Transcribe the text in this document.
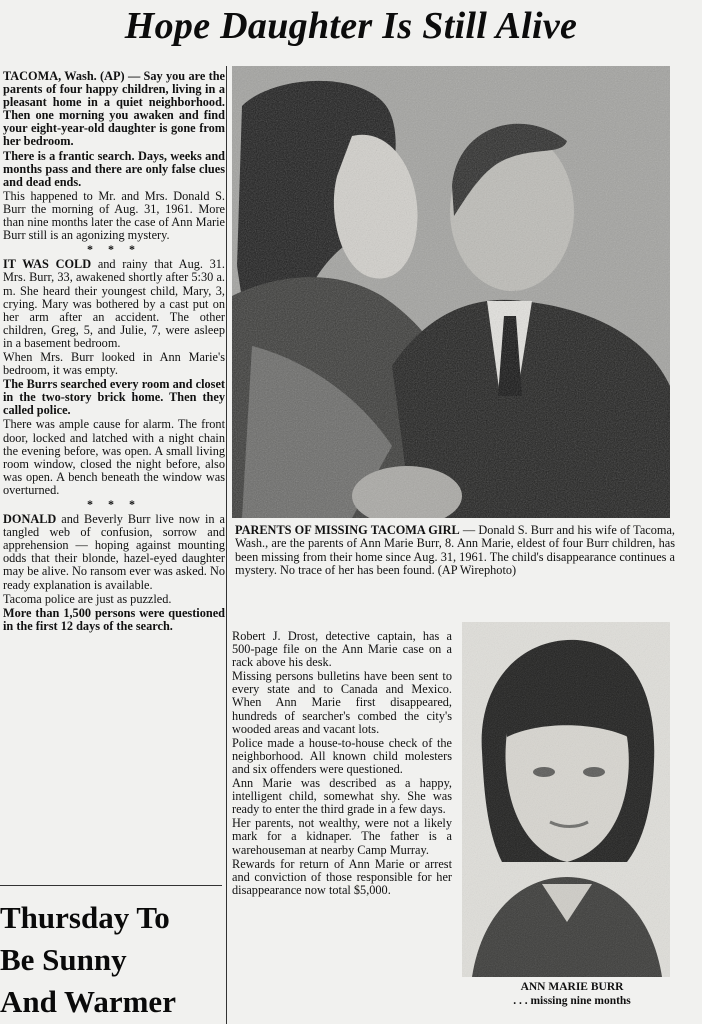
Hope Daughter Is Still Alive

TACOMA, Wash. (AP) — Say you are the parents of four happy children, living in a pleasant home in a quiet neighborhood. Then one morning you awaken and find your eight-year-old daughter is gone from her bedroom.

There is a frantic search. Days, weeks and months pass and there are only false clues and dead ends.

This happened to Mr. and Mrs. Donald S. Burr the morning of Aug. 31, 1961. More than nine months later the case of Ann Marie Burr still is an agonizing mystery.

* * *

IT WAS COLD and rainy that Aug. 31. Mrs. Burr, 33, awakened shortly after 5:30 a. m. She heard their youngest child, Mary, 3, crying. Mary was bothered by a cast put on her arm after an accident. The other children, Greg, 5, and Julie, 7, were asleep in a basement bedroom.

When Mrs. Burr looked in Ann Marie's bedroom, it was empty.

The Burrs searched every room and closet in the two-story brick home. Then they called police.

There was ample cause for alarm. The front door, locked and latched with a night chain the evening before, was open. A small living room window, closed the night before, also was open. A bench beneath the window was overturned.

* * *

DONALD and Beverly Burr live now in a tangled web of confusion, sorrow and apprehension — hoping against mounting odds that their blonde, hazel-eyed daughter may be alive. No ransom ever was asked. No ready explanation is available.

Tacoma police are just as puzzled.

More than 1,500 persons were questioned in the first 12 days of the search.

Thursday To
Be Sunny
And Warmer
PARENTS OF MISSING TACOMA GIRL — Donald S. Burr and his wife of Tacoma, Wash., are the parents of Ann Marie Burr, 8. Ann Marie, eldest of four Burr children, has been missing from their home since Aug. 31, 1961. The child's disappearance continues a mystery. No trace of her has been found. (AP Wirephoto)

Robert J. Drost, detective captain, has a 500-page file on the Ann Marie case on a rack above his desk.

Missing persons bulletins have been sent to every state and to Canada and Mexico. When Ann Marie first disappeared, hundreds of searcher's combed the city's wooded areas and vacant lots.

Police made a house-to-house check of the neighborhood. All known child molesters and six offenders were questioned.

Ann Marie was described as a happy, intelligent child, somewhat shy. She was ready to enter the third grade in a few days.

Her parents, not wealthy, were not a likely mark for a kidnaper. The father is a warehouseman at nearby Camp Murray.

Rewards for return of Ann Marie or arrest and conviction of those responsible for her disappearance now total $5,000.

ANN MARIE BURR
. . . missing nine months
